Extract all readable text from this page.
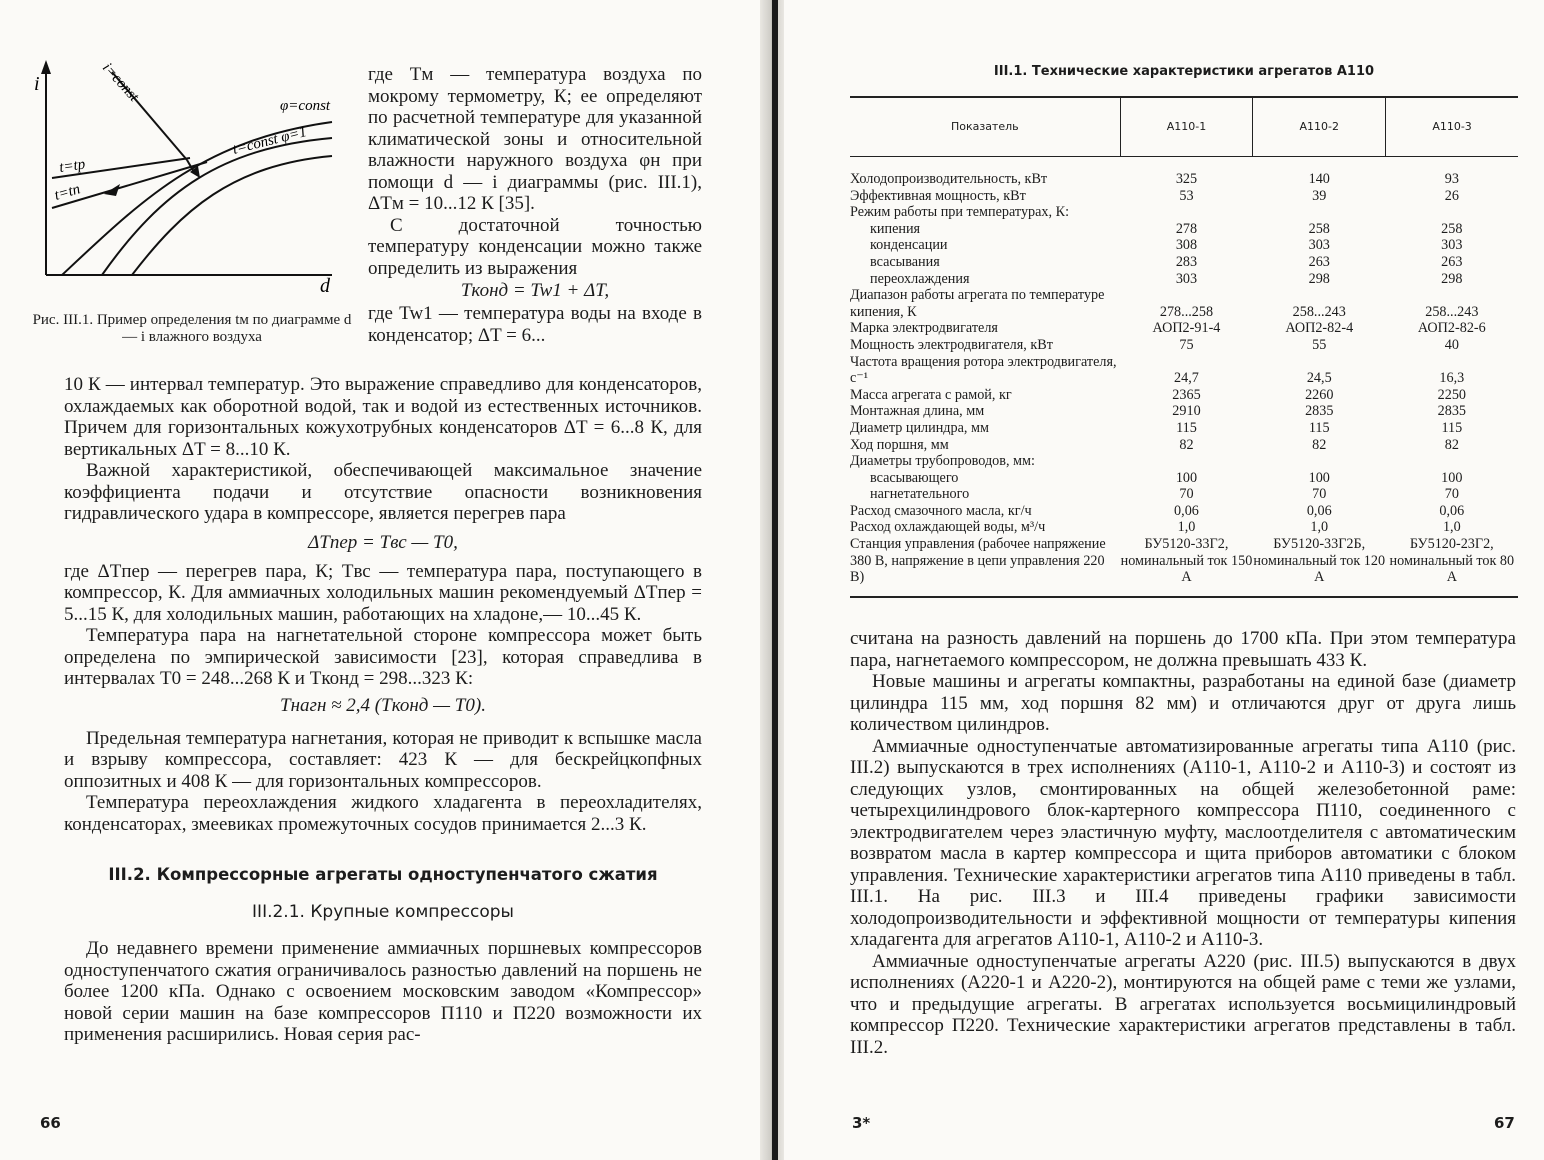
i
d
i=const
φ=const
t=const φ=1
t=tp
t=tn

Рис. III.1. Пример определения tм по диаграмме d — i влажного воздуха

где Tм — температура воздуха по мокрому термометру, К; ее определяют по расчетной температуре для указанной климатической зоны и относительной влажности наружного воздуха φн при помощи d — i диаграммы (рис. III.1), ΔTм = 10...12 К [35].

С достаточной точностью температуру конденсации можно также определить из выражения

Tконд = Tw1 + ΔT,

где Tw1 — температура воды на входе в конденсатор; ΔT = 6...

10 К — интервал температур. Это выражение справедливо для конденсаторов, охлаждаемых как оборотной водой, так и водой из естественных источников. Причем для горизонтальных кожухотрубных конденсаторов ΔT = 6...8 К, для вертикальных ΔT = 8...10 К.

Важной характеристикой, обеспечивающей максимальное значение коэффициента подачи и отсутствие опасности возникновения гидравлического удара в компрессоре, является перегрев пара

ΔTпер = Tвс — T0,

где ΔTпер — перегрев пара, К; Tвс — температура пара, поступающего в компрессор, К. Для аммиачных холодильных машин рекомендуемый ΔTпер = 5...15 К, для холодильных машин, работающих на хладоне,— 10...45 К.

Температура пара на нагнетательной стороне компрессора может быть определена по эмпирической зависимости [23], которая справедлива в интервалах T0 = 248...268 К и Tконд = 298...323 К:

Tнагн ≈ 2,4 (Tконд — T0).

Предельная температура нагнетания, которая не приводит к вспышке масла и взрыву компрессора, составляет: 423 К — для бескрейцкопфных оппозитных и 408 К — для горизонтальных компрессоров.

Температура переохлаждения жидкого хладагента в переохладителях, конденсаторах, змеевиках промежуточных сосудов принимается 2...3 К.

III.2. Компрессорные агрегаты одноступенчатого сжатия

III.2.1. Крупные компрессоры

До недавнего времени применение аммиачных поршневых компрессоров одноступенчатого сжатия ограничивалось разностью давлений на поршень не более 1200 кПа. Однако с освоением московским заводом «Компрессор» новой серии машин на базе компрессоров П110 и П220 возможности их применения расширились. Новая серия рас-

66

III.1. Технические характеристики агрегатов А110

Показатель	А110-1	А110-2	А110-3

Холодопроизводительность, кВт	325	140	93
Эффективная мощность, кВт	53	39	26
Режим работы при температурах, К:			
кипения	278	258	258
конденсации	308	303	303
всасывания	283	263	263
переохлаждения	303	298	298
Диапазон работы агрегата по температуре кипения, К	278...258	258...243	258...243
Марка электродвигателя	АОП2-91-4	АОП2-82-4	АОП2-82-6
Мощность электродвигателя, кВт	75	55	40
Частота вращения ротора электродвигателя, с⁻¹	24,7	24,5	16,3
Масса агрегата с рамой, кг	2365	2260	2250
Монтажная длина, мм	2910	2835	2835
Диаметр цилиндра, мм	115	115	115
Ход поршня, мм	82	82	82
Диаметры трубопроводов, мм:			
всасывающего	100	100	100
нагнетательного	70	70	70
Расход смазочного масла, кг/ч	0,06	0,06	0,06
Расход охлаждающей воды, м³/ч	1,0	1,0	1,0
Станция управления (рабочее напряжение 380 В, напряжение в цепи управления 220 В)	БУ5120-33Г2, номинальный ток 150 А	БУ5120-33Г2Б, номинальный ток 120 А	БУ5120-23Г2, номинальный ток 80 А

считана на разность давлений на поршень до 1700 кПа. При этом температура пара, нагнетаемого компрессором, не должна превышать 433 К.

Новые машины и агрегаты компактны, разработаны на единой базе (диаметр цилиндра 115 мм, ход поршня 82 мм) и отличаются друг от друга лишь количеством цилиндров.

Аммиачные одноступенчатые автоматизированные агрегаты типа А110 (рис. III.2) выпускаются в трех исполнениях (А110-1, А110-2 и А110-3) и состоят из следующих узлов, смонтированных на общей железобетонной раме: четырехцилиндрового блок-картерного компрессора П110, соединенного с электродвигателем через эластичную муфту, маслоотделителя с автоматическим возвратом масла в картер компрессора и щита приборов автоматики с блоком управления. Технические характеристики агрегатов типа А110 приведены в табл. III.1. На рис. III.3 и III.4 приведены графики зависимости холодопроизводительности и эффективной мощности от температуры кипения хладагента для агрегатов А110-1, А110-2 и А110-3.

Аммиачные одноступенчатые агрегаты А220 (рис. III.5) выпускаются в двух исполнениях (А220-1 и А220-2), монтируются на общей раме с теми же узлами, что и предыдущие агрегаты. В агрегатах используется восьмицилиндровый компрессор П220. Технические характеристики агрегатов представлены в табл. III.2.

3*	67
